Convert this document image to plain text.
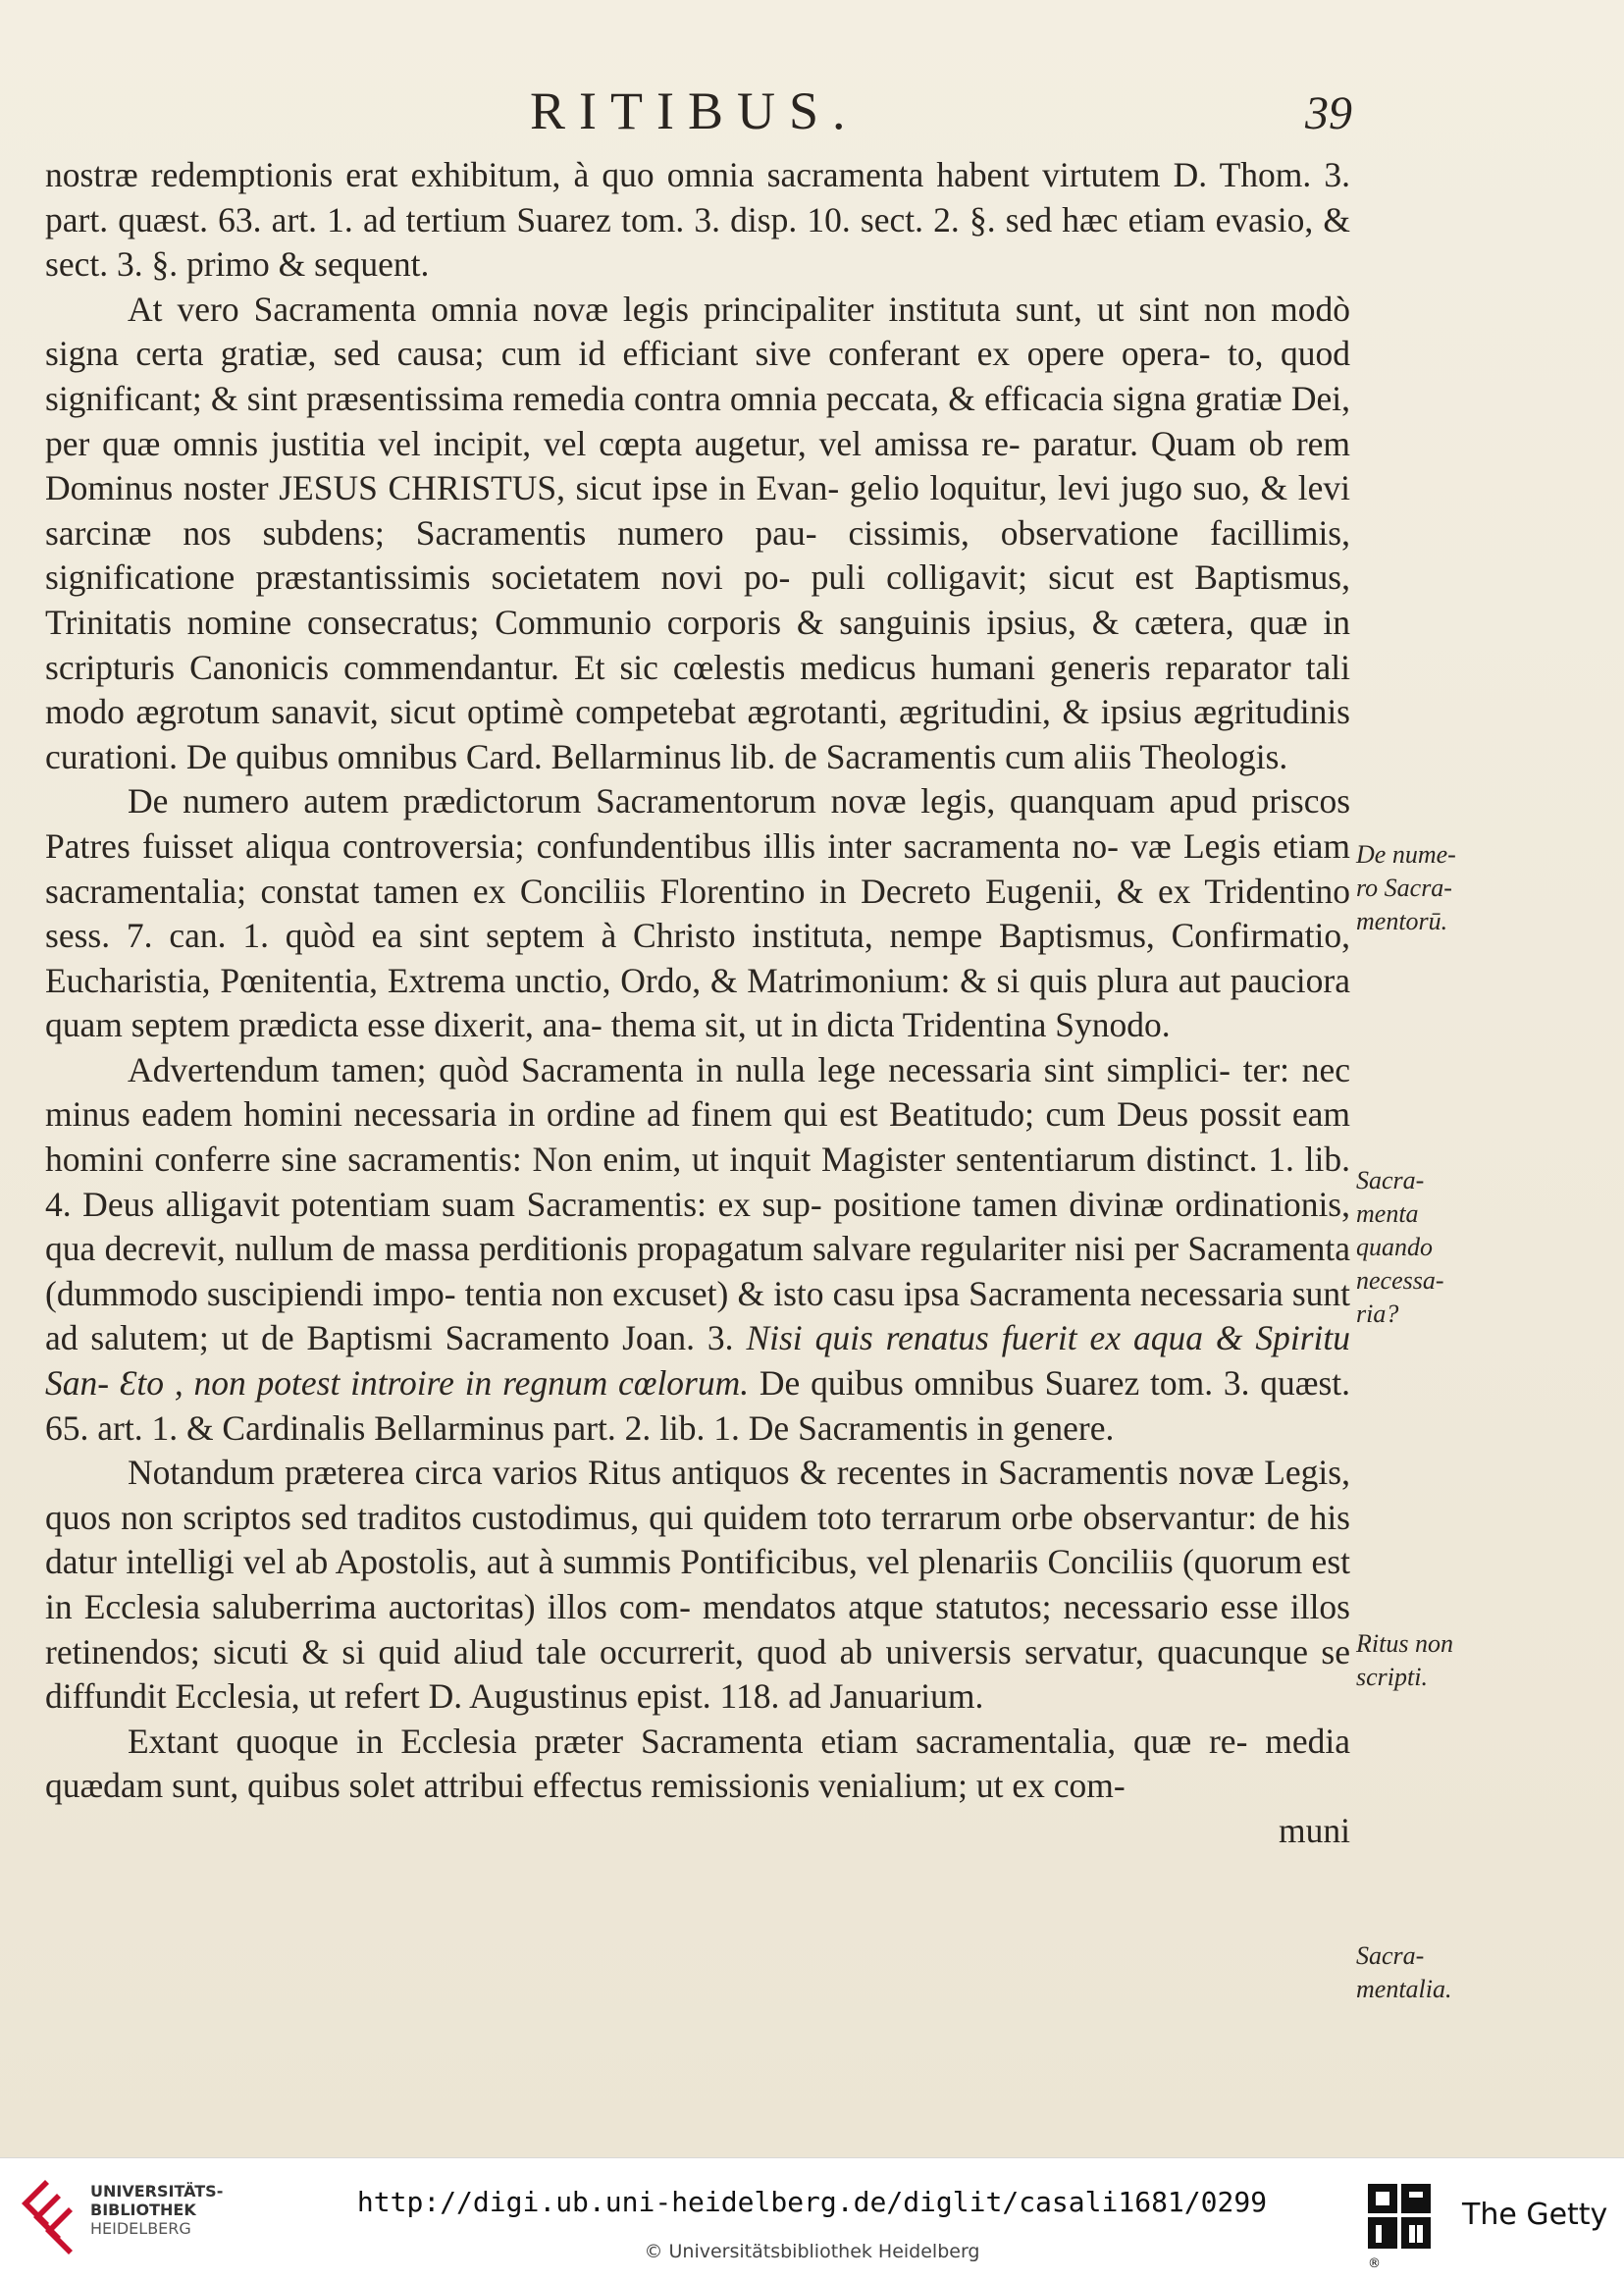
RITIBUS.	39

nostræ redemptionis erat exhibitum, à quo omnia sacramenta habent virtutem D. Thom. 3. part. quæst. 63. art. 1. ad tertium Suarez tom. 3. disp. 10. sect. 2. §. sed hæc etiam evasio, & sect. 3. §. primo & sequent.

At vero Sacramenta omnia novæ legis principaliter instituta sunt, ut sint non modò signa certa gratiæ, sed causa; cum id efficiant sive conferant ex opere opera- to, quod significant; & sint præsentissima remedia contra omnia peccata, & efficacia signa gratiæ Dei, per quæ omnis justitia vel incipit, vel cœpta augetur, vel amissa re- paratur. Quam ob rem Dominus noster JESUS CHRISTUS, sicut ipse in Evan- gelio loquitur, levi jugo suo, & levi sarcinæ nos subdens; Sacramentis numero pau- cissimis, observatione facillimis, significatione præstantissimis societatem novi po- puli colligavit; sicut est Baptismus, Trinitatis nomine consecratus; Communio corporis & sanguinis ipsius, & cætera, quæ in scripturis Canonicis commendantur. Et sic cœlestis medicus humani generis reparator tali modo ægrotum sanavit, sicut optimè competebat ægrotanti, ægritudini, & ipsius ægritudinis curationi. De quibus omnibus Card. Bellarminus lib. de Sacramentis cum aliis Theologis.

De numero autem prædictorum Sacramentorum novæ legis, quanquam apud priscos Patres fuisset aliqua controversia; confundentibus illis inter sacramenta no- væ Legis etiam sacramentalia; constat tamen ex Conciliis Florentino in Decreto Eugenii, & ex Tridentino sess. 7. can. 1. quòd ea sint septem à Christo instituta, nempe Baptismus, Confirmatio, Eucharistia, Pœnitentia, Extrema unctio, Ordo, & Matrimonium: & si quis plura aut pauciora quam septem prædicta esse dixerit, ana- thema sit, ut in dicta Tridentina Synodo.

Advertendum tamen; quòd Sacramenta in nulla lege necessaria sint simplici- ter: nec minus eadem homini necessaria in ordine ad finem qui est Beatitudo; cum Deus possit eam homini conferre sine sacramentis: Non enim, ut inquit Magister sententiarum distinct. 1. lib. 4. Deus alligavit potentiam suam Sacramentis: ex sup- positione tamen divinæ ordinationis, qua decrevit, nullum de massa perditionis propagatum salvare regulariter nisi per Sacramenta (dummodo suscipiendi impo- tentia non excuset) & isto casu ipsa Sacramenta necessaria sunt ad salutem; ut de Baptismi Sacramento Joan. 3. Nisi quis renatus fuerit ex aqua & Spiritu San- Ɛto , non potest introire in regnum cœlorum. De quibus omnibus Suarez tom. 3. quæst. 65. art. 1. & Cardinalis Bellarminus part. 2. lib. 1. De Sacramentis in genere.

Notandum præterea circa varios Ritus antiquos & recentes in Sacramentis novæ Legis, quos non scriptos sed traditos custodimus, qui quidem toto terrarum orbe observantur: de his datur intelligi vel ab Apostolis, aut à summis Pontificibus, vel plenariis Conciliis (quorum est in Ecclesia saluberrima auctoritas) illos com- mendatos atque statutos; necessario esse illos retinendos; sicuti & si quid aliud tale occurrerit, quod ab universis servatur, quacunque se diffundit Ecclesia, ut refert D. Augustinus epist. 118. ad Januarium.

Extant quoque in Ecclesia præter Sacramenta etiam sacramentalia, quæ re- media quædam sunt, quibus solet attribui effectus remissionis venialium; ut ex com-

muni

De nume-
ro Sacra-
mentorū.
Sacra-
menta
quando
necessa-
ria?
Ritus non
scripti.
Sacra-
mentalia.
UNIVERSITÄTS-
BIBLIOTHEK
HEIDELBERG
http://digi.ub.uni-heidelberg.de/diglit/casali1681/0299
© Universitätsbibliothek Heidelberg
®
The Getty
